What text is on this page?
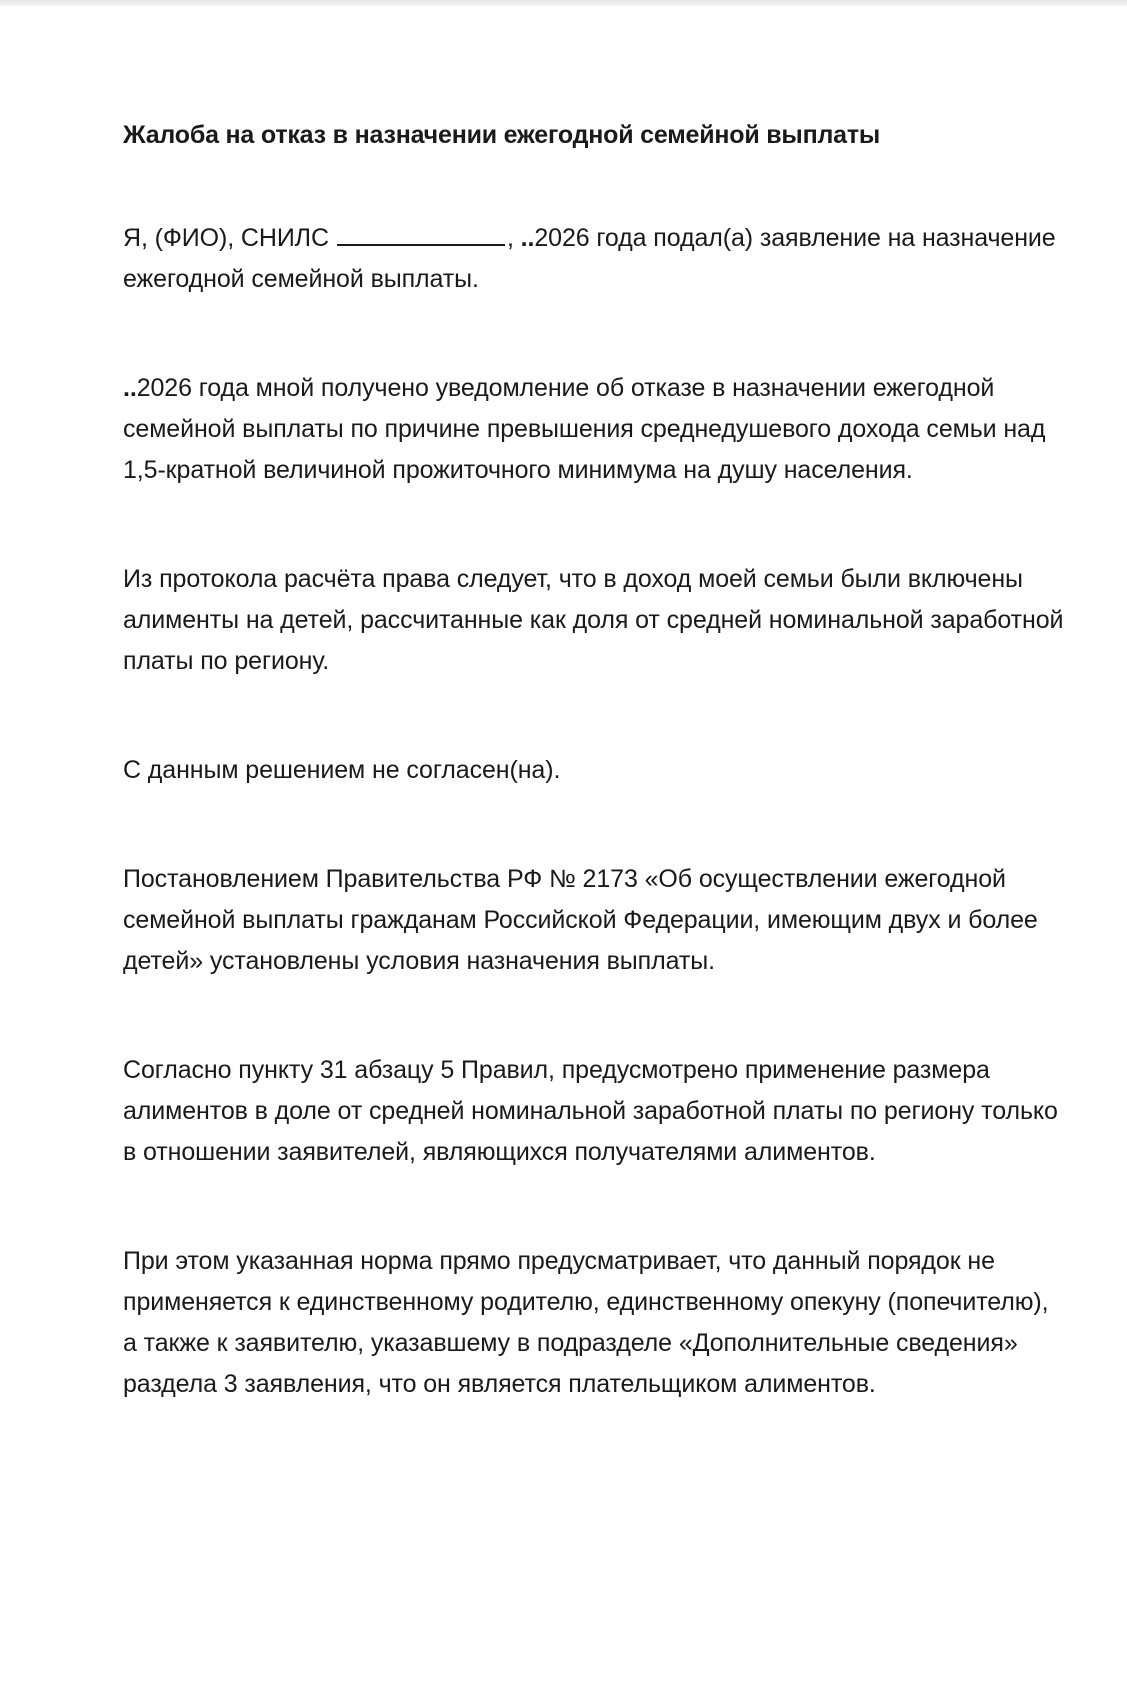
Жалоба на отказ в назначении ежегодной семейной выплаты

Я, (ФИО), СНИЛС	, ..2026 года подал(а) заявление на назначение ежегодной семейной выплаты.

..2026 года мной получено уведомление об отказе в назначении ежегодной семейной выплаты по причине превышения среднедушевого дохода семьи над 1,5-кратной величиной прожиточного минимума на душу населения.

Из протокола расчёта права следует, что в доход моей семьи были включены алименты на детей, рассчитанные как доля от средней номинальной заработной платы по региону.

С данным решением не согласен(на).

Постановлением Правительства РФ № 2173 «Об осуществлении ежегодной семейной выплаты гражданам Российской Федерации, имеющим двух и более детей» установлены условия назначения выплаты.

Согласно пункту 31 абзацу 5 Правил, предусмотрено применение размера алиментов в доле от средней номинальной заработной платы по региону только в отношении заявителей, являющихся получателями алиментов.

При этом указанная норма прямо предусматривает, что данный порядок не применяется к единственному родителю, единственному опекуну (попечителю), а также к заявителю, указавшему в подразделе «Дополнительные сведения» раздела 3 заявления, что он является плательщиком алиментов.
